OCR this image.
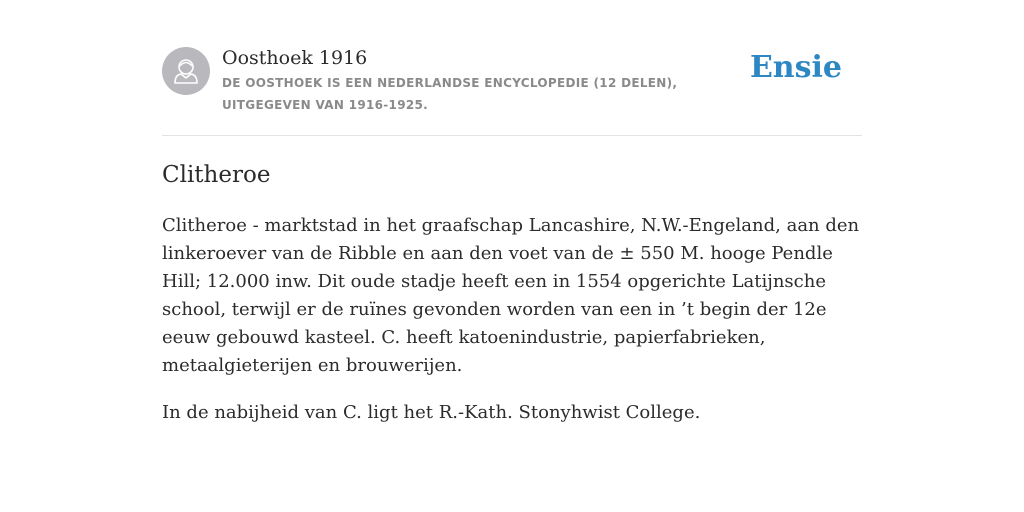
Oosthoek 1916
DE OOSTHOEK IS EEN NEDERLANDSE ENCYCLOPEDIE (12 DELEN), UITGEGEVEN VAN 1916-1925.
Ensie
Clitheroe

Clitheroe - marktstad in het graafschap Lancashire, N.W.-Engeland, aan den linkeroever van de Ribble en aan den voet van de ± 550 M. hooge Pendle Hill; 12.000 inw. Dit oude stadje heeft een in 1554 opgerichte Latijnsche school, terwijl er de ruïnes gevonden worden van een in ’t begin der 12e eeuw gebouwd kasteel. C. heeft katoenindustrie, papierfabrieken, metaalgieterijen en brouwerijen.

In de nabijheid van C. ligt het R.-Kath. Stonyhwist College.
